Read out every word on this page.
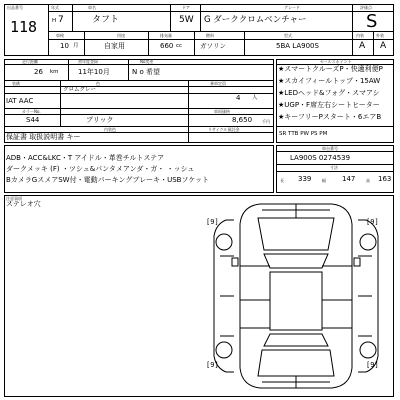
出品番号
118
年式
H 7
車名
タフト
ドア
5W
グレード
G ダーククロムベンチャー
評価点
S
車検	用途	排気量	燃料	型式	内装	外装
10 月	自家用	660 cc	ガソリン	5BA LA900S	A A
走行距離	初年度登録	No変更
26 km	11年10月	N o 希望
装備	色
IAT AAC
クロムグレー
乗車定員
4 人
カラーNo.
S44	ブリック
車両価格
8,650 千円
内装色
保証書 取扱説明書 キー
リサイクル預託金
セールスポイント
★スマートクルーズP・快適利便P
★スカイフィールトップ・15AW
★LEDヘッド&フォグ・スマアシ
★UGP・F席左右シートヒーター
★キーフリーPスタート・6エアB
SR TTB PW PS PM
ADB・ACC&LKC・T アイドル・革巻チルトステア
ダークメッキ (F) ・ツシュ&パンタメアンダ・ガ・ ・ッシュ
BカメラGスメアSW付・電動パーキングブレーキ・USBソケット
車台番号
LA900S 0274539
寸法
長 339	幅 147	高 163
注意事項
ステレオ穴
[9]	[9]
[9]	[9]
